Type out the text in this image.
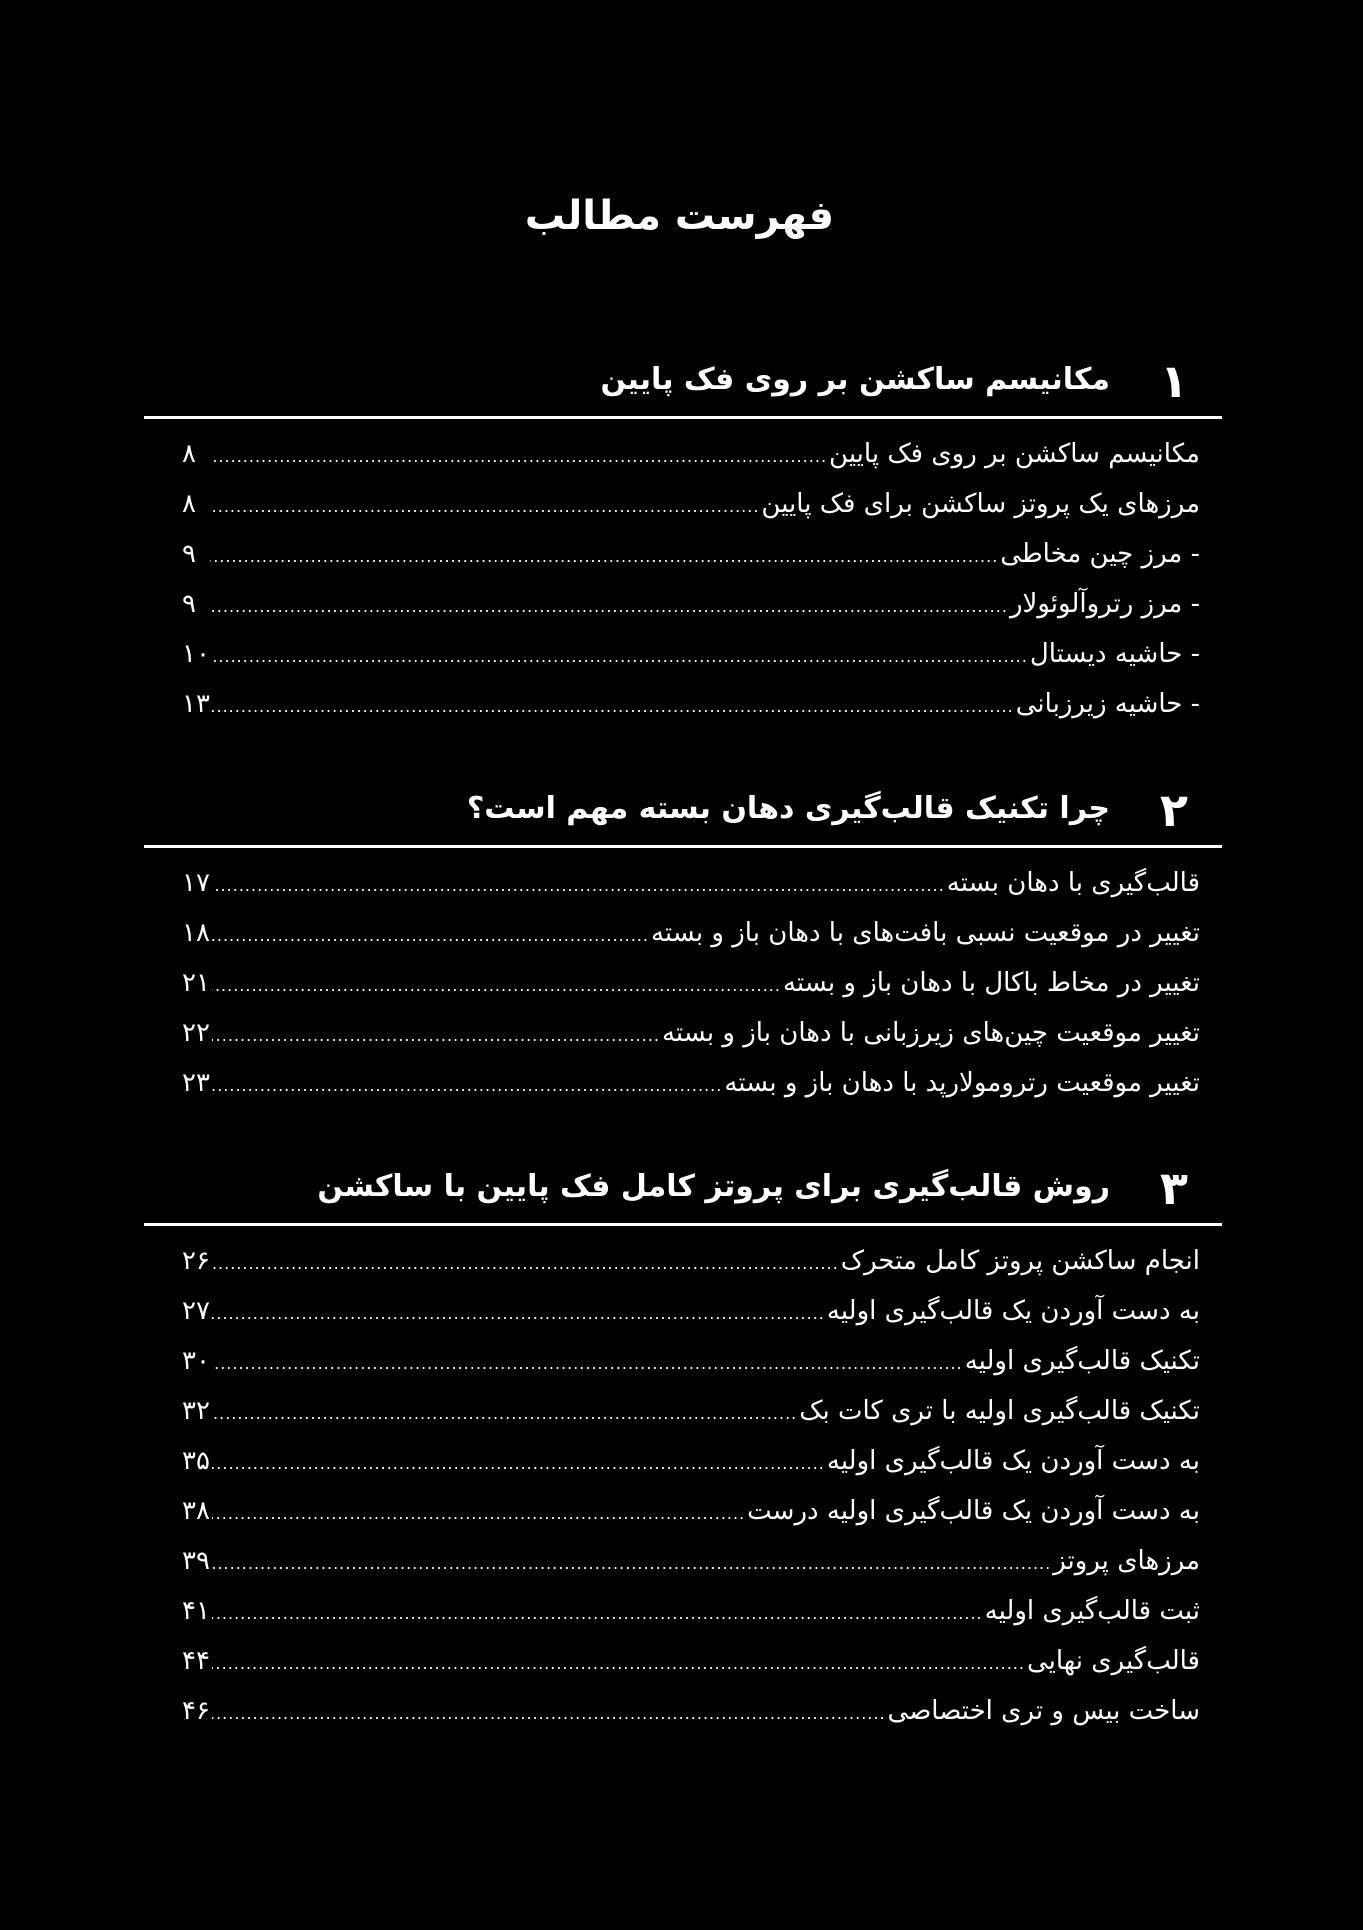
فهرست مطالب
۱
مکانیسم ساکشن بر روی فک پایین
مکانیسم ساکشن بر روی فک پایین
.....
۸
مرزهای یک پروتز ساکشن برای فک پایین
.....
۸
- مرز چین مخاطی
.....
۹
- مرز رتروآلوئولار
.....
۹
- حاشیه دیستال
.....
۱۰
- حاشیه زیرزبانی
.....
۱۳
۲
چرا تکنیک قالب‌گیری دهان بسته مهم است؟
قالب‌گیری با دهان بسته
.....
۱۷
تغییر در موقعیت نسبی بافت‌های با دهان باز و بسته
.....
۱۸
تغییر در مخاط باکال با دهان باز و بسته
.....
۲۱
تغییر موقعیت چین‌های زیرزبانی با دهان باز و بسته
.....
۲۲
تغییر موقعیت رترومولارپد با دهان باز و بسته
.....
۲۳
۳
روش قالب‌گیری برای پروتز کامل فک پایین با ساکشن
انجام ساکشن پروتز کامل متحرک
.....
۲۶
به دست آوردن یک قالب‌گیری اولیه
.....
۲۷
تکنیک قالب‌گیری اولیه
.....
۳۰
تکنیک قالب‌گیری اولیه با تری کات بک
.....
۳۲
به دست آوردن یک قالب‌گیری اولیه
.....
۳۵
به دست آوردن یک قالب‌گیری اولیه درست
.....
۳۸
مرزهای پروتز
.....
۳۹
ثبت قالب‌گیری اولیه
.....
۴۱
قالب‌گیری نهایی
.....
۴۴
ساخت بیس و تری اختصاصی
.....
۴۶
